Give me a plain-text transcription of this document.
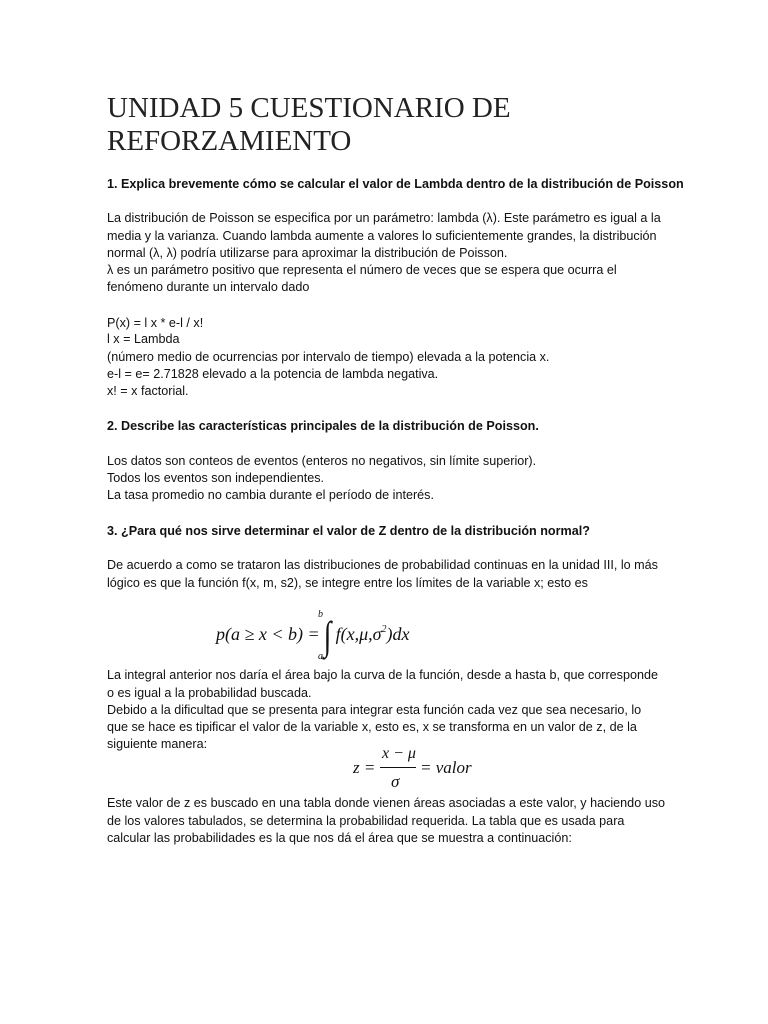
UNIDAD 5 CUESTIONARIO DE REFORZAMIENTO
1. Explica brevemente cómo se calcular el valor de Lambda dentro de la distribución de Poisson
La distribución de Poisson se especifica por un parámetro: lambda (λ). Este parámetro es igual a la
media y la varianza. Cuando lambda aumente a valores lo suficientemente grandes, la distribución
normal (λ, λ) podría utilizarse para aproximar la distribución de Poisson.
λ es un parámetro positivo que representa el número de veces que se espera que ocurra el
fenómeno durante un intervalo dado
P(x) = l x * e-l / x!
l x = Lambda
(número medio de ocurrencias por intervalo de tiempo) elevada a la potencia x.
e-l = e= 2.71828 elevado a la potencia de lambda negativa.
x! = x factorial.
2. Describe las características principales de la distribución de Poisson.
Los datos son conteos de eventos (enteros no negativos, sin límite superior).
Todos los eventos son independientes.
La tasa promedio no cambia durante el período de interés.
3. ¿Para qué nos sirve determinar el valor de Z dentro de la distribución normal?
De acuerdo a como se trataron las distribuciones de probabilidad continuas en la unidad III, lo más
lógico es que la función f(x, m, s2), se integre entre los límites de la variable x; esto es
p(a ≥ x < b) = ∫ $f(x,\mu,\sigma^2)dx$
b
a
La integral anterior nos daría el área bajo la curva de la función, desde a hasta b, que corresponde
o es igual a la probabilidad buscada.
Debido a la dificultad que se presenta para integrar esta función cada vez que sea necesario, lo
que se hace es tipificar el valor de la variable x, esto es, x se transforma en un valor de z, de la
siguiente manera:
z =
x − μ
σ
= valor
Este valor de z es buscado en una tabla donde vienen áreas asociadas a este valor, y haciendo uso
de los valores tabulados, se determina la probabilidad requerida. La tabla que es usada para
calcular las probabilidades es la que nos dá el área que se muestra a continuación:
